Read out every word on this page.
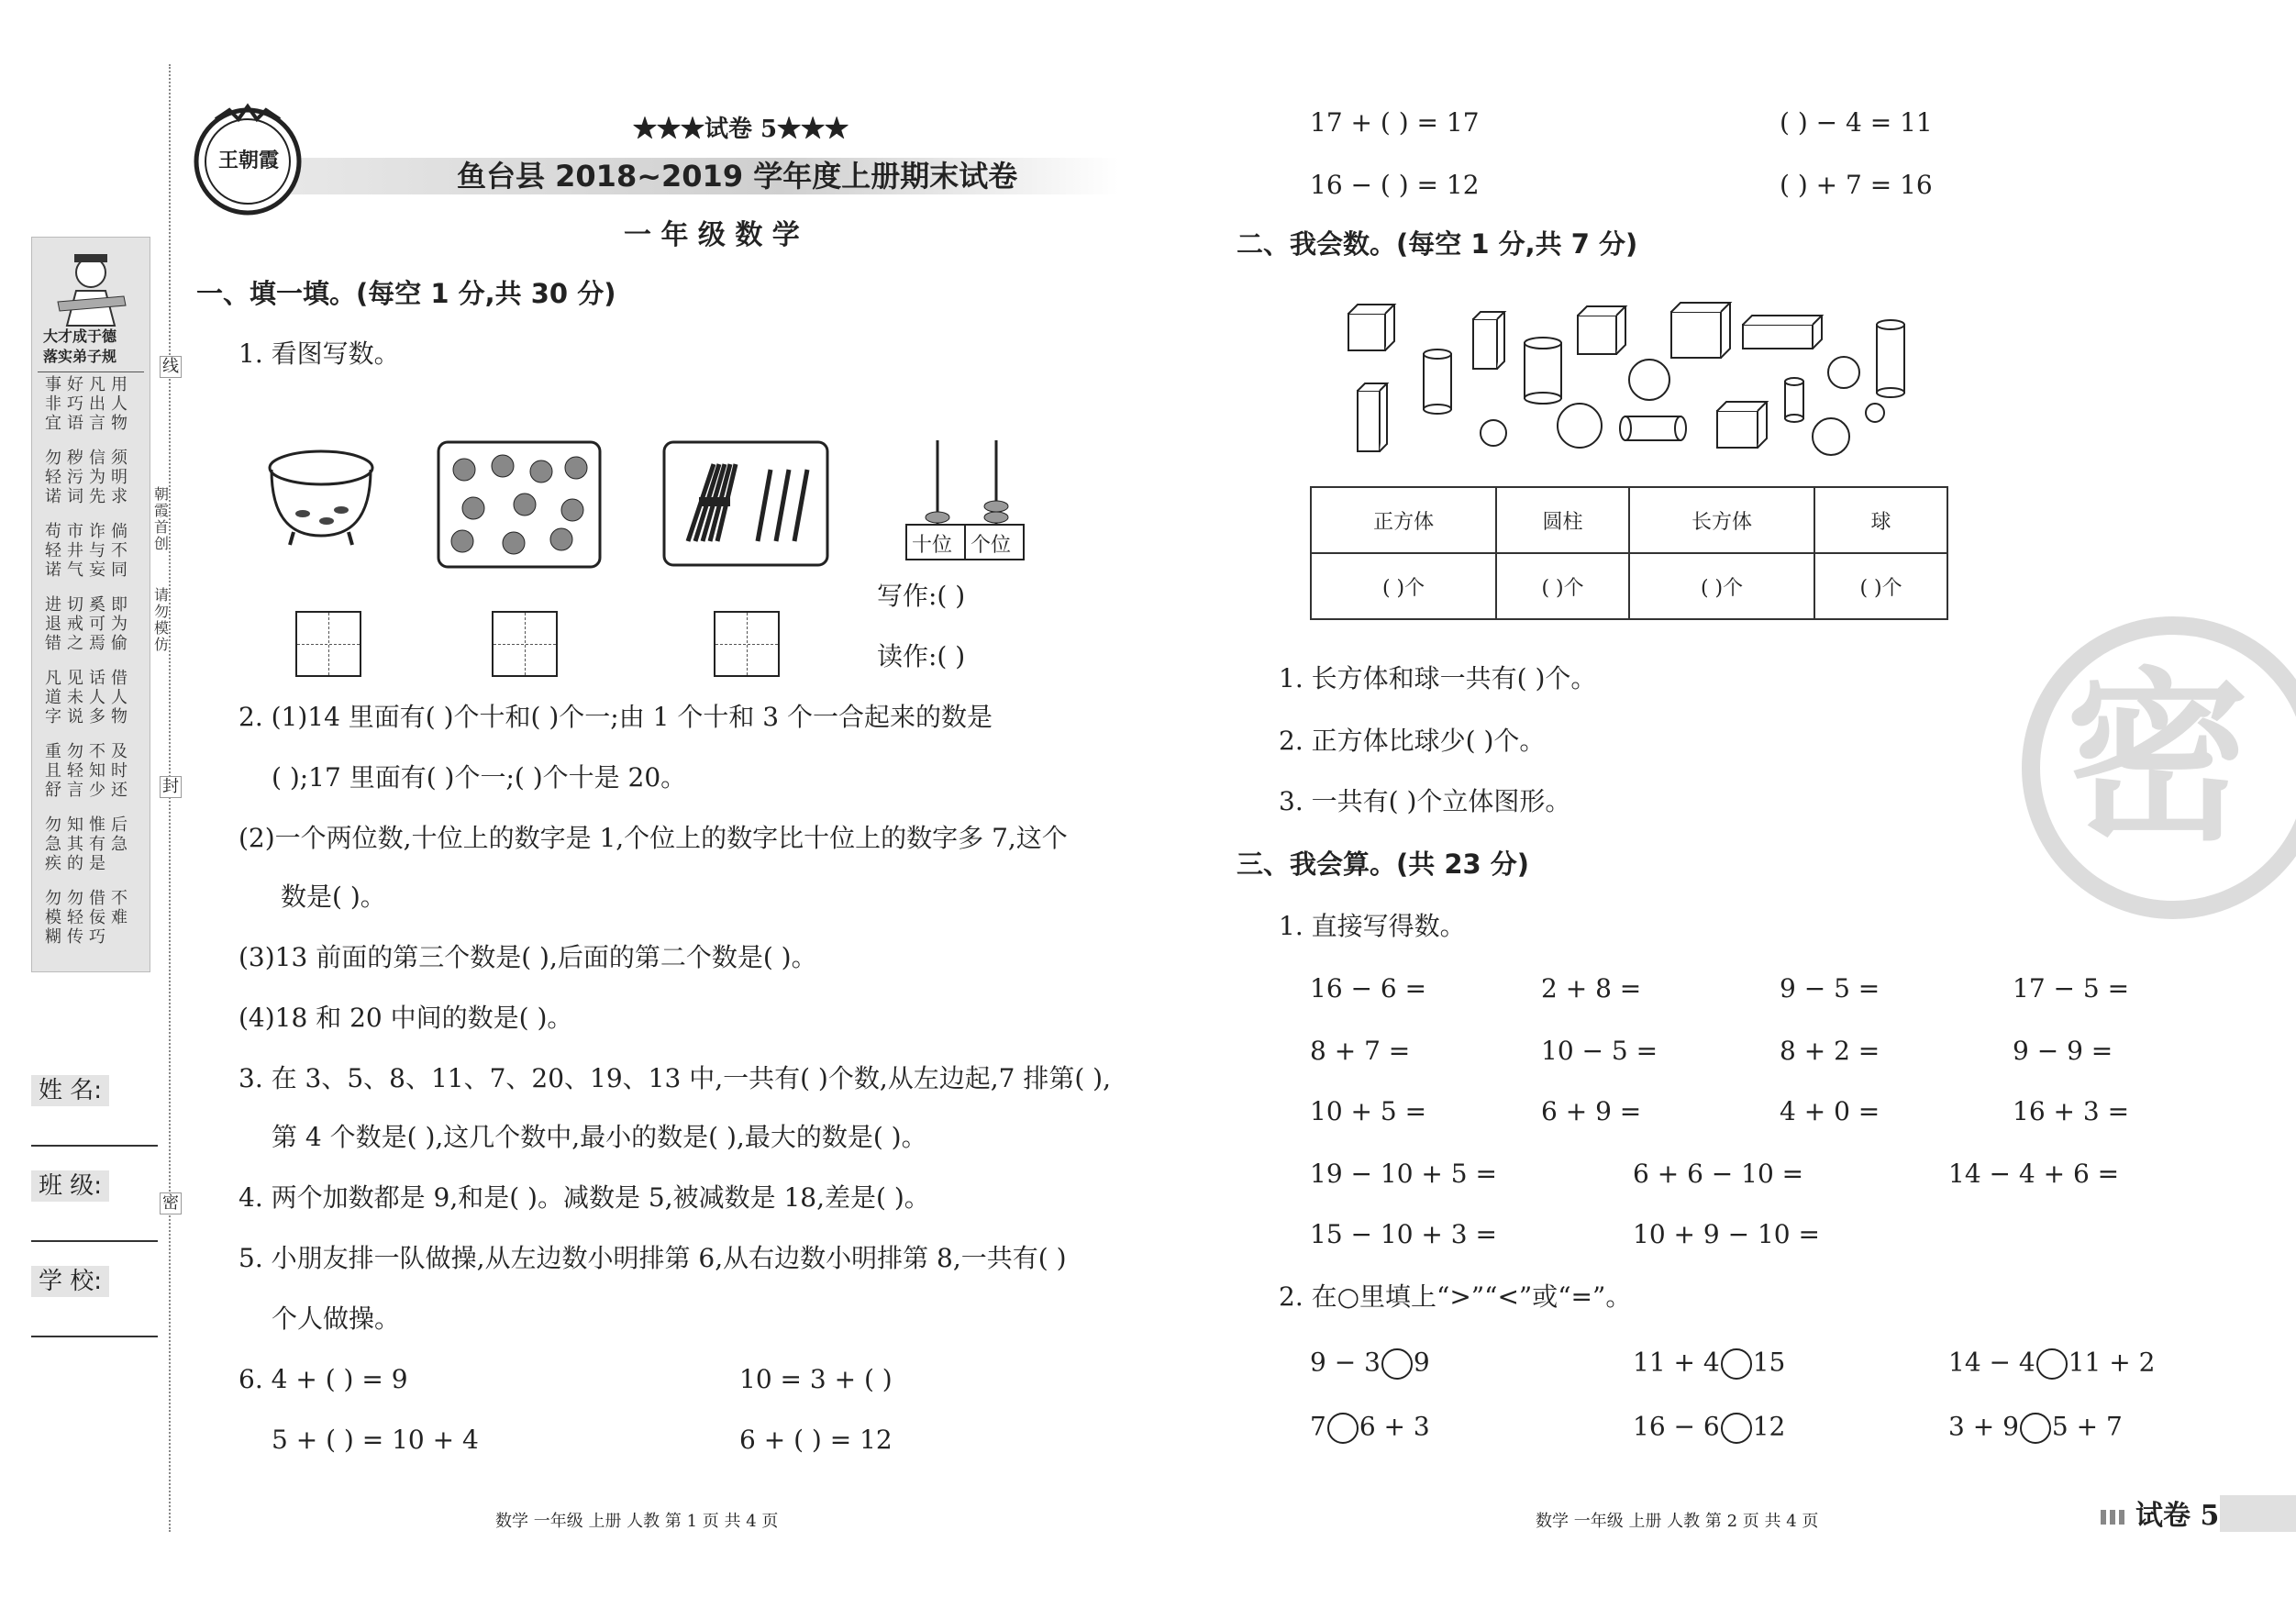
大才成于德
落实弟子规
事非宜
好巧语
凡出言
用人物
勿轻诺
秽污词
信为先
须明求
苟轻诺
市井气
诈与妄
倘不同
进退错
切戒之
奚可焉
即为偷
凡道字
见未说
话人多
借人物
重且舒
勿轻言
不知少
及时还
勿急疾
知其的
惟有是
后急
勿模糊
勿轻传
借佞巧
不难
朝霞首创
请勿模仿
线
封
密
姓 名:
班 级:
学 校:
王朝霞
★★★试卷 5★★★
鱼台县 2018~2019 学年度上册期末试卷
一 年 级 数 学
一、填一填。(每空 1 分,共 30 分)
1. 看图写数。
十位 个位
写作:( )
读作:( )
2. (1)14 里面有( )个十和( )个一;由 1 个十和 3 个一合起来的数是
( );17 里面有( )个一;( )个十是 20。
(2)一个两位数,十位上的数字是 1,个位上的数字比十位上的数字多 7,这个
数是( )。
(3)13 前面的第三个数是( ),后面的第二个数是( )。
(4)18 和 20 中间的数是( )。
3. 在 3、5、8、11、7、20、19、13 中,一共有( )个数,从左边起,7 排第( ),
第 4 个数是( ),这几个数中,最小的数是( ),最大的数是( )。
4. 两个加数都是 9,和是( )。减数是 5,被减数是 18,差是( )。
5. 小朋友排一队做操,从左边数小明排第 6,从右边数小明排第 8,一共有( )
个人做操。
6. 4 + ( ) = 9	10 = 3 + ( )
5 + ( ) = 10 + 4	6 + ( ) = 12
数学 一年级 上册 人教 第 1 页 共 4 页
17 + ( ) = 17	( ) − 4 = 11
16 − ( ) = 12	( ) + 7 = 16
二、我会数。(每空 1 分,共 7 分)
正方体	圆柱	长方体	球
( )个	( )个	( )个	( )个
1. 长方体和球一共有( )个。
2. 正方体比球少( )个。
3. 一共有( )个立体图形。
三、我会算。(共 23 分)
1. 直接写得数。
16 − 6 =	2 + 8 =	9 − 5 =	17 − 5 =
8 + 7 =	10 − 5 =	8 + 2 =	9 − 9 =
10 + 5 =	6 + 9 =	4 + 0 =	16 + 3 =
19 − 10 + 5 =	6 + 6 − 10 =	14 − 4 + 6 =
15 − 10 + 3 =	10 + 9 − 10 =
2. 在○里填上“>”“<”或“=”。
9 − 3 9	11 + 4 15	14 − 4 11 + 2
7 6 + 3	16 − 6 12	3 + 9 5 + 7
数学 一年级 上册 人教 第 2 页 共 4 页
密
试卷 5
